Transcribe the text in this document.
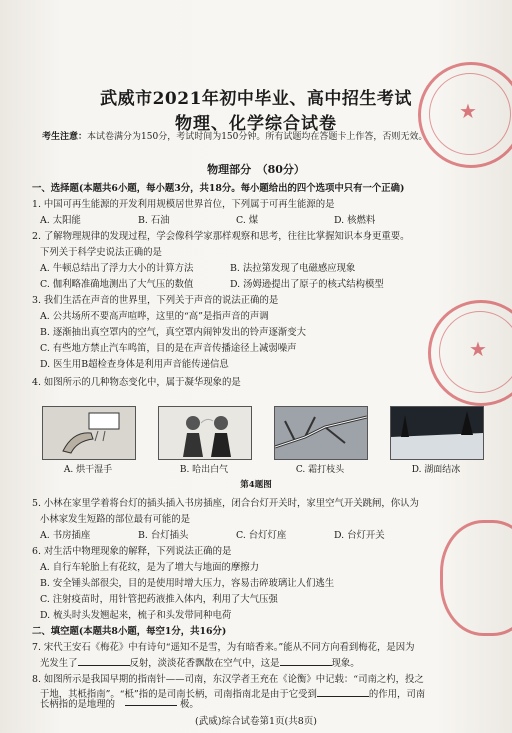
★
★
武威市2021年初中毕业、高中招生考试
物理、化学综合试卷
考生注意：本试卷满分为150分，考试时间为150分钟。所有试题均在答题卡上作答，否则无效。
物理部分　（80分）
一、选择题(本题共6小题，每小题3分，共18分。每小题给出的四个选项中只有一个正确)
1. 中国可再生能源的开发利用规模居世界首位，下列属于可再生能源的是
A. 太阳能	B. 石油	C. 煤	D. 核燃料
2. 了解物理规律的发现过程，学会像科学家那样观察和思考，往往比掌握知识本身更重要。
下列关于科学史说法正确的是
A. 牛顿总结出了浮力大小的计算方法	B. 法拉第发现了电磁感应现象
C. 伽利略准确地测出了大气压的数值	D. 汤姆逊提出了原子的核式结构模型
3. 我们生活在声音的世界里，下列关于声音的说法正确的是
A. 公共场所不要高声喧哗，这里的“高”是指声音的声调
B. 逐渐抽出真空罩内的空气，真空罩内闹钟发出的铃声逐渐变大
C. 有些地方禁止汽车鸣笛，目的是在声音传播途径上减弱噪声
D. 医生用B超检查身体是利用声音能传递信息
4. 如图所示的几种物态变化中，属于凝华现象的是
A. 烘干湿手	B. 哈出白气	C. 霜打枝头	D. 湖面结冰
第4题图
5. 小林在家里学着将台灯的插头插入书房插座，闭合台灯开关时，家里空气开关跳闸，你认为
小林家发生短路的部位最有可能的是
A. 书房插座	B. 台灯插头	C. 台灯灯座	D. 台灯开关
6. 对生活中物理现象的解释，下列说法正确的是
A. 自行车轮胎上有花纹，是为了增大与地面的摩擦力
B. 安全锤头部很尖，目的是使用时增大压力，容易击碎玻璃让人们逃生
C. 注射疫苗时，用针管把药液推入体内，利用了大气压强
D. 梳头时头发翘起来，梳子和头发带同种电荷
二、填空题(本题共8小题，每空1分，共16分)
7. 宋代王安石《梅花》中有诗句“遥知不是雪，为有暗香来。”能从不同方向看到梅花，是因为
光发生了	反射，淡淡花香飘散在空气中，这是	现象。
8. 如图所示是我国早期的指南针——司南，东汉学者王充在《论衡》中记载：“司南之杓，投之
于地，其柢指南”。“柢”指的是司南长柄，司南指南北是由于它受到	的作用，司南
长柄指的是地理的	极。
(武威)综合试卷第1页(共8页)
